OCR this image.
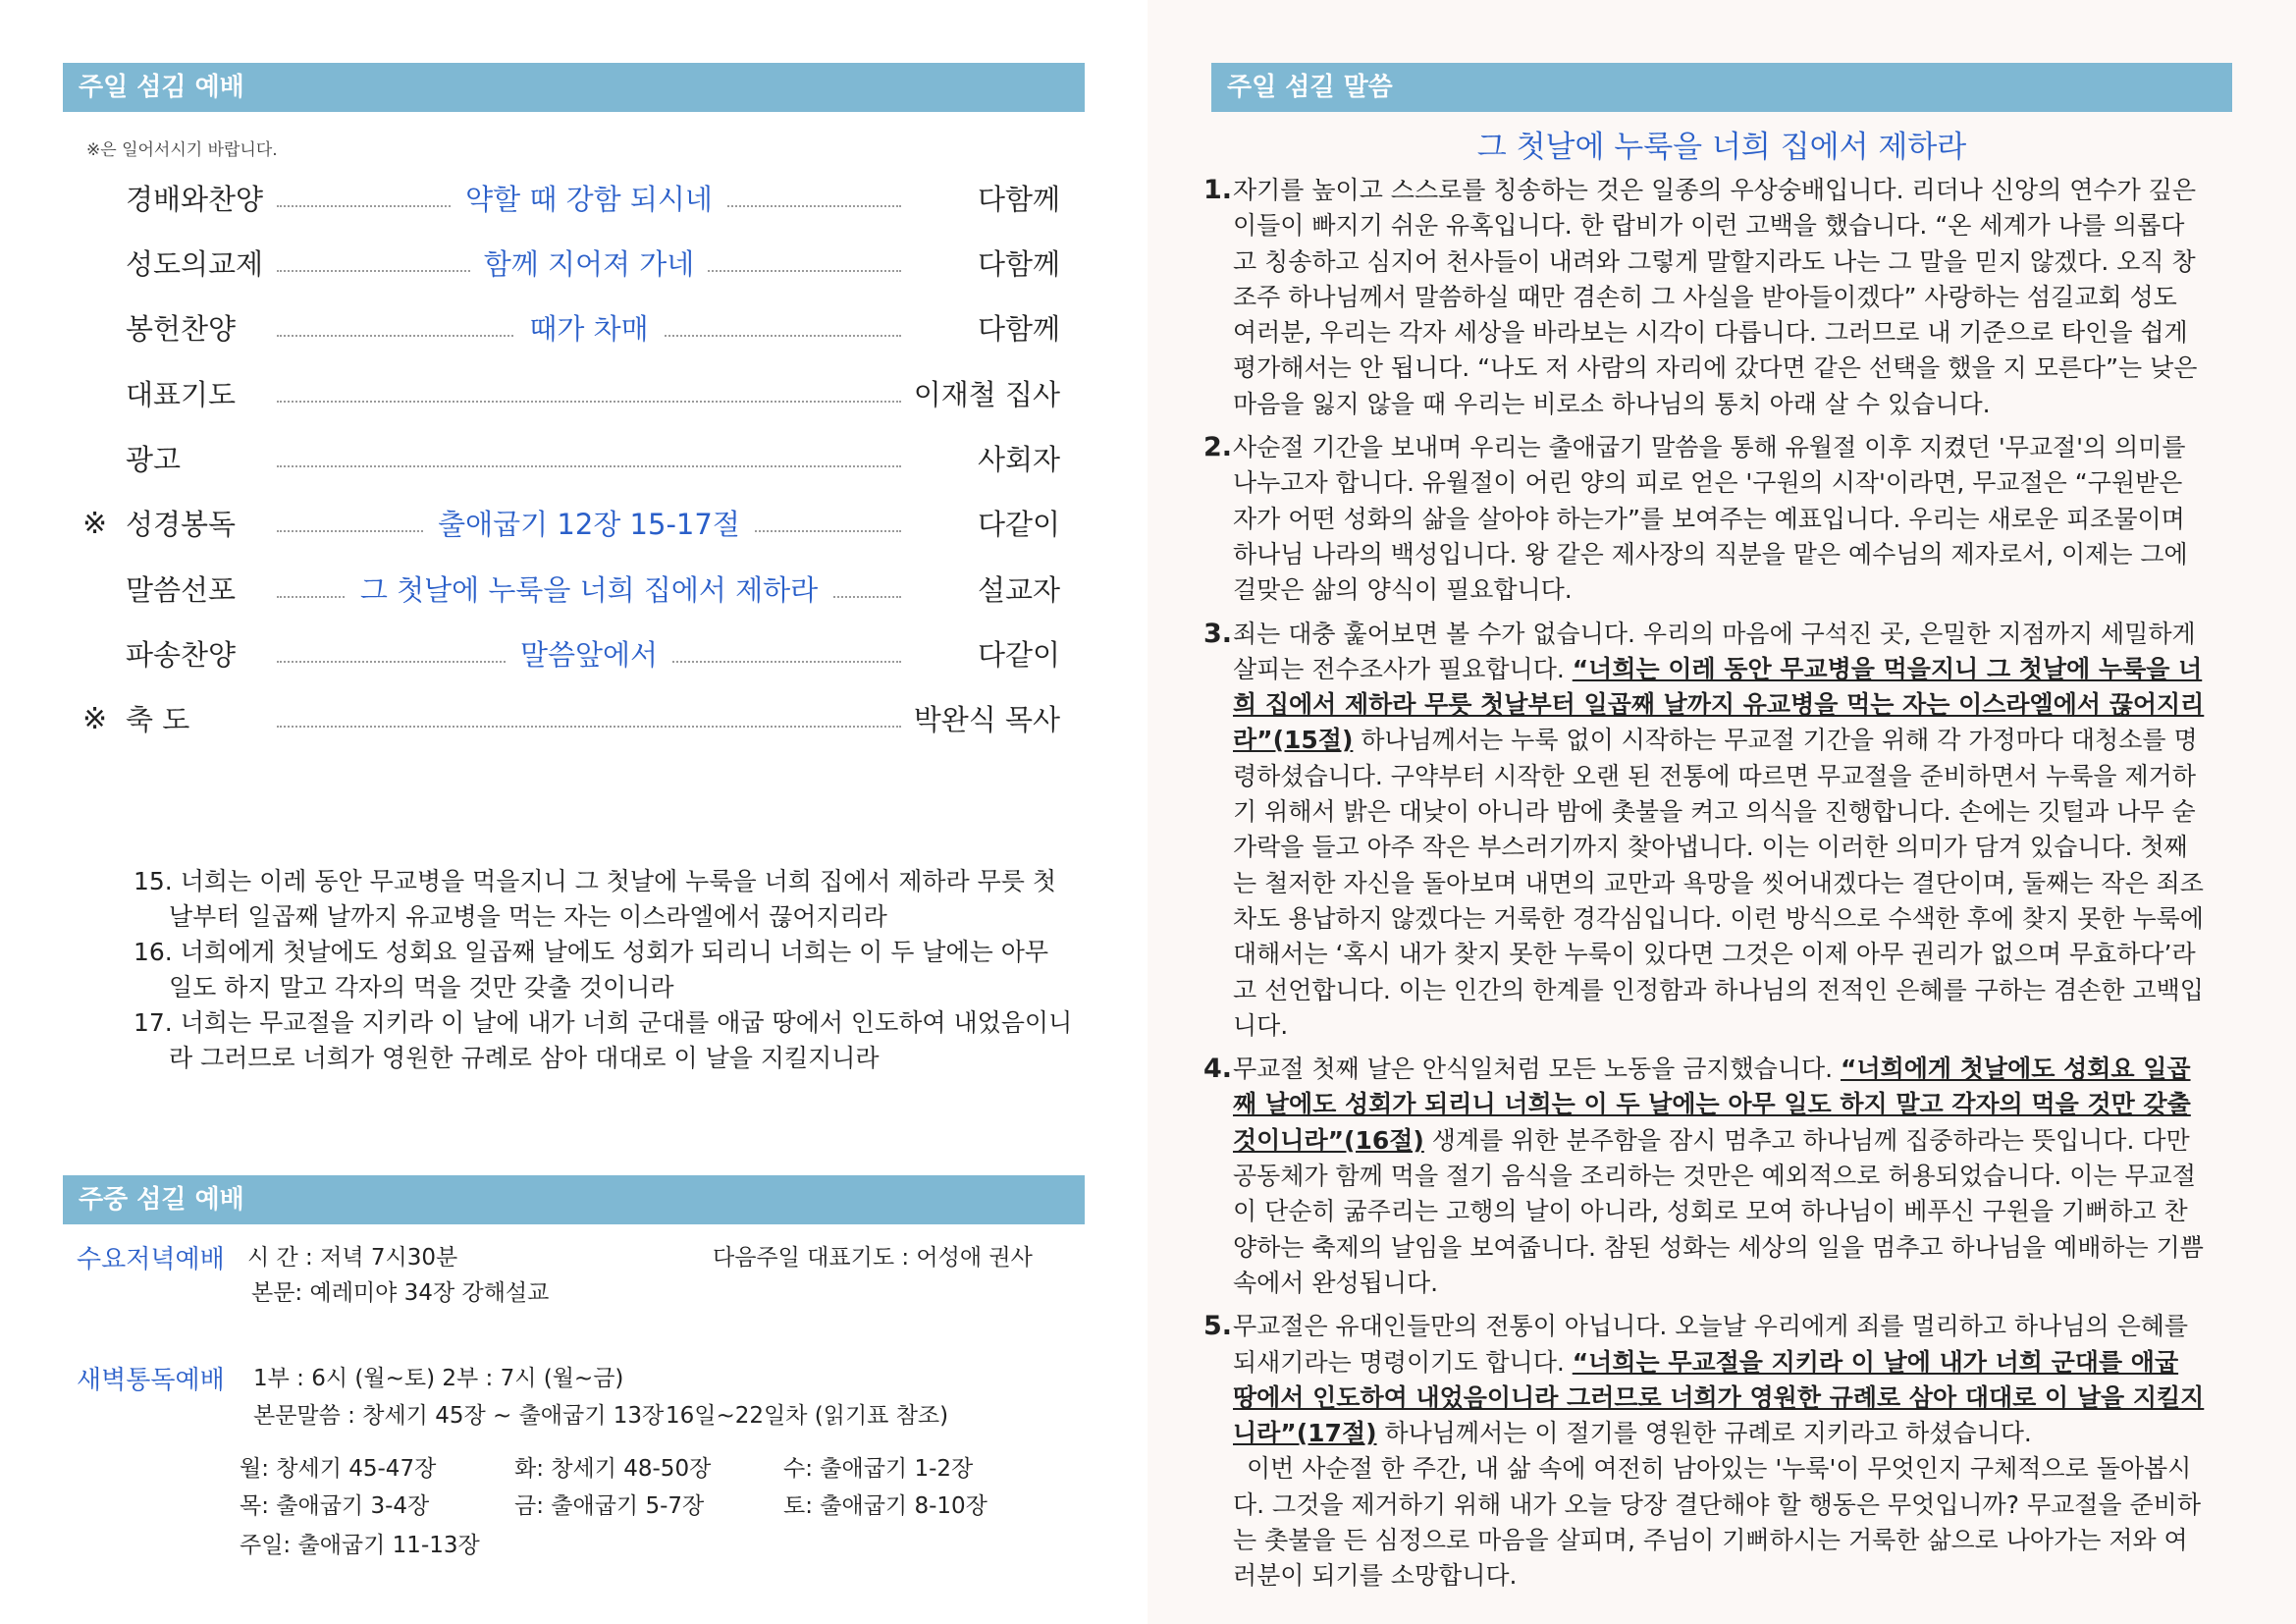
주일 섬김 예배
※은 일어서시기 바랍니다.
경배와찬양	약할 때 강함 되시네	다함께
성도의교제	함께 지어져 가네	다함께
봉헌찬양	때가 차매	다함께
대표기도	이재철 집사
광고	사회자
※ 성경봉독	출애굽기 12장 15-17절	다같이
말씀선포	그 첫날에 누룩을 너희 집에서 제하라	설교자
파송찬양	말씀앞에서	다같이
※ 축 도	박완식 목사
15. 너희는 이레 동안 무교병을 먹을지니 그 첫날에 누룩을 너희 집에서 제하라 무릇 첫날부터 일곱째 날까지 유교병을 먹는 자는 이스라엘에서 끊어지리라
16. 너희에게 첫날에도 성회요 일곱째 날에도 성회가 되리니 너희는 이 두 날에는 아무 일도 하지 말고 각자의 먹을 것만 갖출 것이니라
17. 너희는 무교절을 지키라 이 날에 내가 너희 군대를 애굽 땅에서 인도하여 내었음이니라 그러므로 너희가 영원한 규례로 삼아 대대로 이 날을 지킬지니라
주중 섬길 예배
수요저녁예배 시 간 : 저녁 7시30분	다음주일 대표기도 : 어성애 권사
본문: 예레미야 34장 강해설교
새벽통독예배 1부 : 6시 (월~토) 2부 : 7시 (월~금)
본문말씀 : 창세기 45장 ~ 출애굽기 13장 16일~22일차 (읽기표 참조)
월: 창세기 45-47장	화: 창세기 48-50장	수: 출애굽기 1-2장
목: 출애굽기 3-4장	금: 출애굽기 5-7장	토: 출애굽기 8-10장
주일: 출애굽기 11-13장
주일 섬길 말씀
그 첫날에 누룩을 너희 집에서 제하라
1. 자기를 높이고 스스로를 칭송하는 것은 일종의 우상숭배입니다. 리더나 신앙의 연수가 깊은 이들이 빠지기 쉬운 유혹입니다. 한 랍비가 이런 고백을 했습니다. “온 세계가 나를 의롭다고 칭송하고 심지어 천사들이 내려와 그렇게 말할지라도 나는 그 말을 믿지 않겠다. 오직 창조주 하나님께서 말씀하실 때만 겸손히 그 사실을 받아들이겠다” 사랑하는 섬길교회 성도 여러분, 우리는 각자 세상을 바라보는 시각이 다릅니다. 그러므로 내 기준으로 타인을 쉽게 평가해서는 안 됩니다. “나도 저 사람의 자리에 갔다면 같은 선택을 했을 지 모른다”는 낮은 마음을 잃지 않을 때 우리는 비로소 하나님의 통치 아래 살 수 있습니다.
2. 사순절 기간을 보내며 우리는 출애굽기 말씀을 통해 유월절 이후 지켰던 '무교절'의 의미를 나누고자 합니다. 유월절이 어린 양의 피로 얻은 '구원의 시작'이라면, 무교절은 “구원받은 자가 어떤 성화의 삶을 살아야 하는가”를 보여주는 예표입니다. 우리는 새로운 피조물이며 하나님 나라의 백성입니다. 왕 같은 제사장의 직분을 맡은 예수님의 제자로서, 이제는 그에 걸맞은 삶의 양식이 필요합니다.
3. 죄는 대충 훑어보면 볼 수가 없습니다. 우리의 마음에 구석진 곳, 은밀한 지점까지 세밀하게 살피는 전수조사가 필요합니다. “너희는 이레 동안 무교병을 먹을지니 그 첫날에 누룩을 너희 집에서 제하라 무릇 첫날부터 일곱째 날까지 유교병을 먹는 자는 이스라엘에서 끊어지리라”(15절) 하나님께서는 누룩 없이 시작하는 무교절 기간을 위해 각 가정마다 대청소를 명령하셨습니다. 구약부터 시작한 오랜 된 전통에 따르면 무교절을 준비하면서 누룩을 제거하기 위해서 밝은 대낮이 아니라 밤에 촛불을 켜고 의식을 진행합니다. 손에는 깃털과 나무 숟가락을 들고 아주 작은 부스러기까지 찾아냅니다. 이는 이러한 의미가 담겨 있습니다. 첫째는 철저한 자신을 돌아보며 내면의 교만과 욕망을 씻어내겠다는 결단이며, 둘째는 작은 죄조차도 용납하지 않겠다는 거룩한 경각심입니다. 이런 방식으로 수색한 후에 찾지 못한 누룩에 대해서는 ‘혹시 내가 찾지 못한 누룩이 있다면 그것은 이제 아무 권리가 없으며 무효하다’라고 선언합니다. 이는 인간의 한계를 인정함과 하나님의 전적인 은혜를 구하는 겸손한 고백입니다.
4. 무교절 첫째 날은 안식일처럼 모든 노동을 금지했습니다. “너희에게 첫날에도 성회요 일곱째 날에도 성회가 되리니 너희는 이 두 날에는 아무 일도 하지 말고 각자의 먹을 것만 갖출 것이니라”(16절) 생계를 위한 분주함을 잠시 멈추고 하나님께 집중하라는 뜻입니다. 다만 공동체가 함께 먹을 절기 음식을 조리하는 것만은 예외적으로 허용되었습니다. 이는 무교절이 단순히 굶주리는 고행의 날이 아니라, 성회로 모여 하나님이 베푸신 구원을 기뻐하고 찬양하는 축제의 날임을 보여줍니다. 참된 성화는 세상의 일을 멈추고 하나님을 예배하는 기쁨 속에서 완성됩니다.
5. 무교절은 유대인들만의 전통이 아닙니다. 오늘날 우리에게 죄를 멀리하고 하나님의 은혜를 되새기라는 명령이기도 합니다. “너희는 무교절을 지키라 이 날에 내가 너희 군대를 애굽 땅에서 인도하여 내었음이니라 그러므로 너희가 영원한 규례로 삼아 대대로 이 날을 지킬지니라”(17절) 하나님께서는 이 절기를 영원한 규례로 지키라고 하셨습니다.
이번 사순절 한 주간, 내 삶 속에 여전히 남아있는 '누룩'이 무엇인지 구체적으로 돌아봅시다. 그것을 제거하기 위해 내가 오늘 당장 결단해야 할 행동은 무엇입니까? 무교절을 준비하는 촛불을 든 심정으로 마음을 살피며, 주님이 기뻐하시는 거룩한 삶으로 나아가는 저와 여러분이 되기를 소망합니다.
